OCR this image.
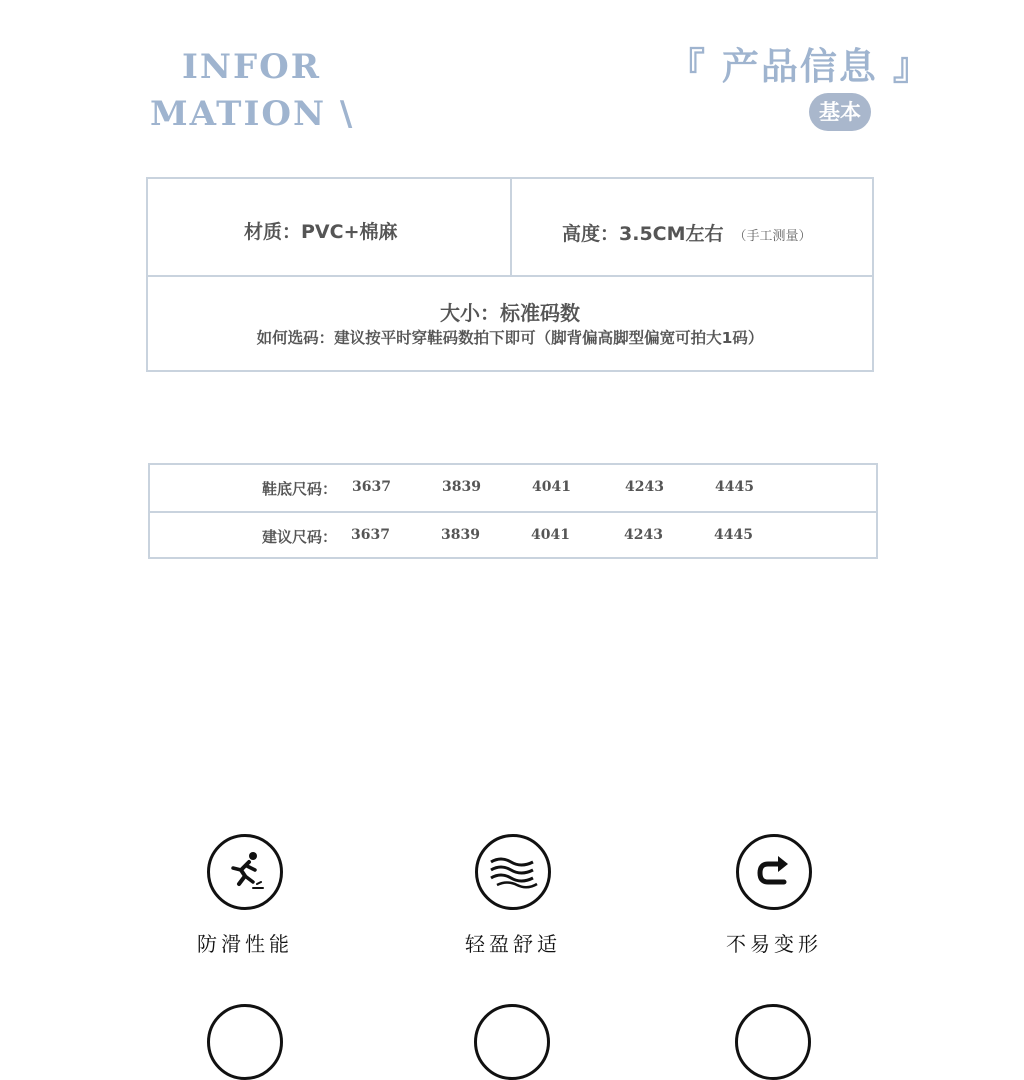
INFOR
MATION \
『 产品信息 』
基本
材质：PVC+棉麻	高度：3.5CM左右 （手工测量）
大小：标准码数
如何选码：建议按平时穿鞋码数拍下即可（脚背偏高脚型偏宽可拍大1码）
鞋底尺码： 3637	3839	4041	4243	4445
建议尺码： 3637	3839	4041	4243	4445
防滑性能	轻盈舒适	不易变形
